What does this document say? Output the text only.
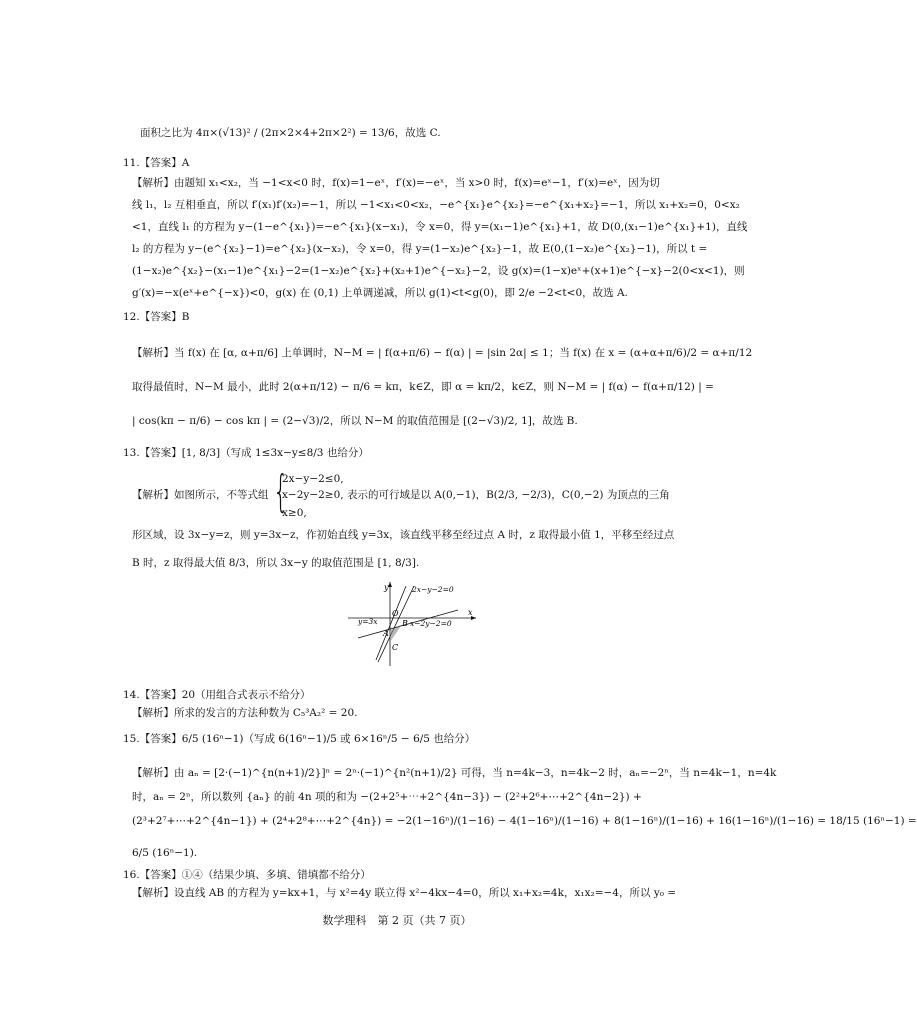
面积之比为 4π×(√13)² / (2π×2×4+2π×2²) = 13/6，故选 C.
11.【答案】A
【解析】由题知 x₁<x₂，当 −1<x<0 时，f(x)=1−eˣ，f′(x)=−eˣ，当 x>0 时，f(x)=eˣ−1，f′(x)=eˣ，因为切
线 l₁，l₂ 互相垂直，所以 f′(x₁)f′(x₂)=−1，所以 −1<x₁<0<x₂，−e^{x₁}e^{x₂}=−e^{x₁+x₂}=−1，所以 x₁+x₂=0，0<x₂
<1，直线 l₁ 的方程为 y−(1−e^{x₁})=−e^{x₁}(x−x₁)，令 x=0，得 y=(x₁−1)e^{x₁}+1，故 D(0,(x₁−1)e^{x₁}+1)，直线
l₂ 的方程为 y−(e^{x₂}−1)=e^{x₂}(x−x₂)，令 x=0，得 y=(1−x₂)e^{x₂}−1，故 E(0,(1−x₂)e^{x₂}−1)，所以 t =
(1−x₂)e^{x₂}−(x₁−1)e^{x₁}−2=(1−x₂)e^{x₂}+(x₂+1)e^{−x₂}−2，设 g(x)=(1−x)eˣ+(x+1)e^{−x}−2(0<x<1)，则
g′(x)=−x(eˣ+e^{−x})<0，g(x) 在 (0,1) 上单调递减，所以 g(1)<t<g(0)，即 2/e −2<t<0，故选 A.
12.【答案】B
【解析】当 f(x) 在 [α, α+π/6] 上单调时，N−M = | f(α+π/6) − f(α) | = |sin 2α| ≤ 1；当 f(x) 在 x = (α+α+π/6)/2 = α+π/12
取得最值时，N−M 最小，此时 2(α+π/12) − π/6 = kπ，k∈Z，即 α = kπ/2，k∈Z，则 N−M = | f(α) − f(α+π/12) | =
| cos(kπ − π/6) − cos kπ | = (2−√3)/2，所以 N−M 的取值范围是 [(2−√3)/2, 1]，故选 B.
13.【答案】[1, 8/3]（写成 1≤3x−y≤8/3 也给分）
【解析】如图所示，不等式组 {
2x−y−2≤0,
x−2y−2≥0, 表示的可行域是以 A(0,−1)，B(2/3, −2/3)，C(0,−2) 为顶点的三角
x≥0,
形区域，设 3x−y=z，则 y=3x−z，作初始直线 y=3x，该直线平移至经过点 A 时，z 取得最小值 1，平移至经过点
B 时，z 取得最大值 8/3，所以 3x−y 的取值范围是 [1, 8/3].
y
x
O
A
B
C
2x−y−2=0
x−2y−2=0
y=3x
14.【答案】20（用组合式表示不给分）
【解析】所求的发言的方法种数为 C₅³A₂² = 20.
15.【答案】6/5 (16ⁿ−1)（写成 6(16ⁿ−1)/5 或 6×16ⁿ/5 − 6/5 也给分）
【解析】由 aₙ = [2·(−1)^{n(n+1)/2}]ⁿ = 2ⁿ·(−1)^{n²(n+1)/2} 可得，当 n=4k−3，n=4k−2 时，aₙ=−2ⁿ，当 n=4k−1，n=4k
时，aₙ = 2ⁿ，所以数列 {aₙ} 的前 4n 项的和为 −(2+2⁵+⋯+2^{4n−3}) − (2²+2⁶+⋯+2^{4n−2}) +
(2³+2⁷+⋯+2^{4n−1}) + (2⁴+2⁸+⋯+2^{4n}) = −2(1−16ⁿ)/(1−16) − 4(1−16ⁿ)/(1−16) + 8(1−16ⁿ)/(1−16) + 16(1−16ⁿ)/(1−16) = 18/15 (16ⁿ−1) =
6/5 (16ⁿ−1).
16.【答案】①④（结果少填、多填、错填都不给分）
【解析】设直线 AB 的方程为 y=kx+1，与 x²=4y 联立得 x²−4kx−4=0，所以 x₁+x₂=4k，x₁x₂=−4，所以 y₀ =
数学理科　第 2 页（共 7 页）
